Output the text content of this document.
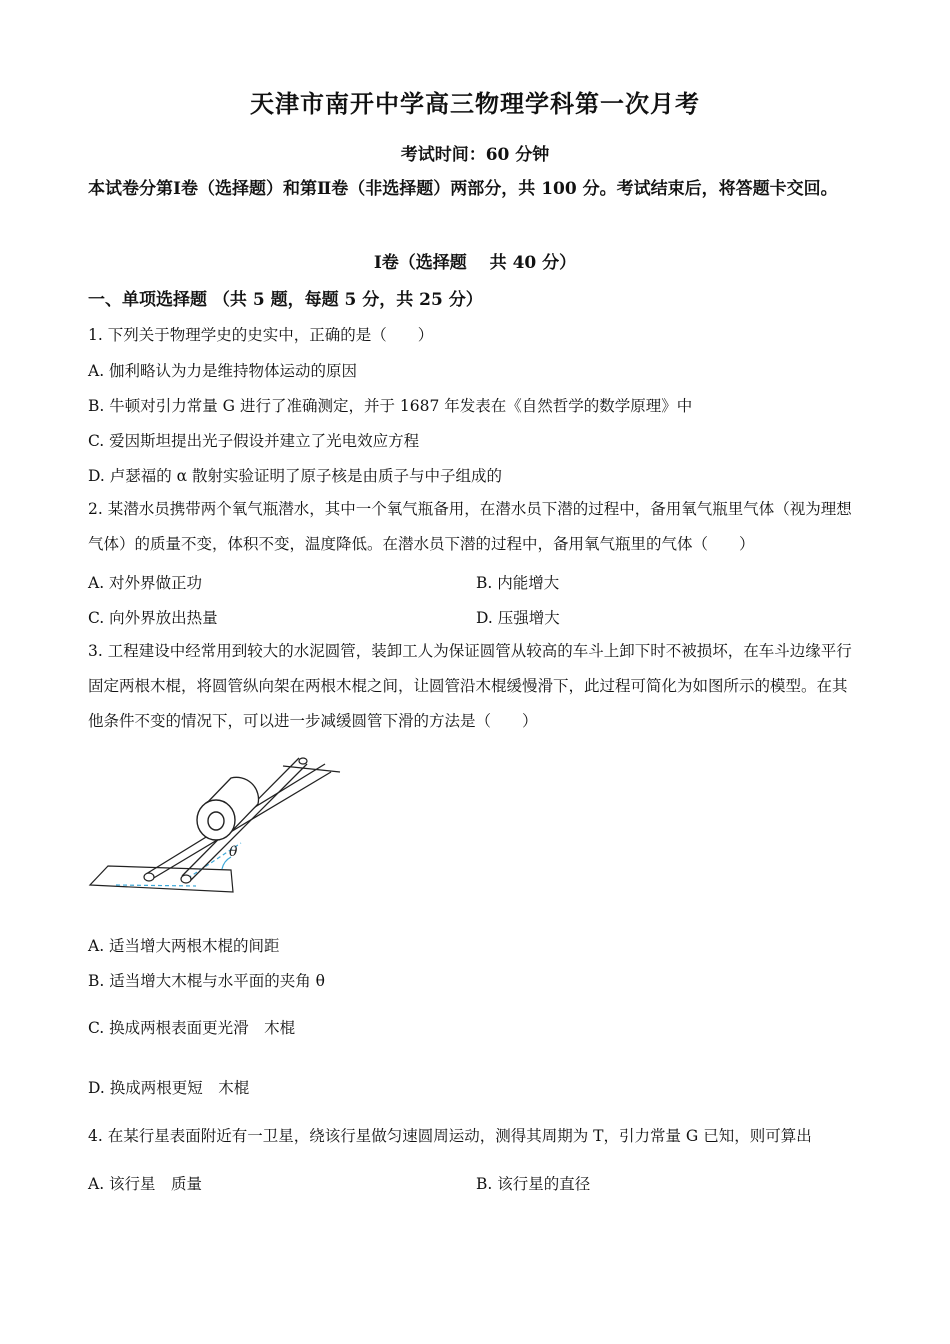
天津市南开中学高三物理学科第一次月考
考试时间：60 分钟
本试卷分第Ⅰ卷（选择题）和第Ⅱ卷（非选择题）两部分，共 100 分。考试结束后，将答题卡交回。
Ⅰ卷（选择题　 共 40 分）
一、单项选择题 （共 5 题，每题 5 分，共 25 分）
1. 下列关于物理学史的史实中，正确的是（　　）
A. 伽利略认为力是维持物体运动的原因
B. 牛顿对引力常量 G 进行了准确测定，并于 1687 年发表在《自然哲学的数学原理》中
C. 爱因斯坦提出光子假设并建立了光电效应方程
D. 卢瑟福的 α 散射实验证明了原子核是由质子与中子组成的
2. 某潜水员携带两个氧气瓶潜水，其中一个氧气瓶备用，在潜水员下潜的过程中，备用氧气瓶里气体（视为理想气体）的质量不变，体积不变，温度降低。在潜水员下潜的过程中，备用氧气瓶里的气体（　　）
A. 对外界做正功	B. 内能增大
C. 向外界放出热量	D. 压强增大
3. 工程建设中经常用到较大的水泥圆管，装卸工人为保证圆管从较高的车斗上卸下时不被损坏，在车斗边缘平行固定两根木棍，将圆管纵向架在两根木棍之间，让圆管沿木棍缓慢滑下，此过程可简化为如图所示的模型。在其他条件不变的情况下，可以进一步减缓圆管下滑的方法是（　　）
θ
A. 适当增大两根木棍的间距
B. 适当增大木棍与水平面的夹角 θ
C. 换成两根表面更光滑　木棍
D. 换成两根更短　木棍
4. 在某行星表面附近有一卫星，绕该行星做匀速圆周运动，测得其周期为 T，引力常量 G 已知，则可算出
A. 该行星　质量	B. 该行星的直径
